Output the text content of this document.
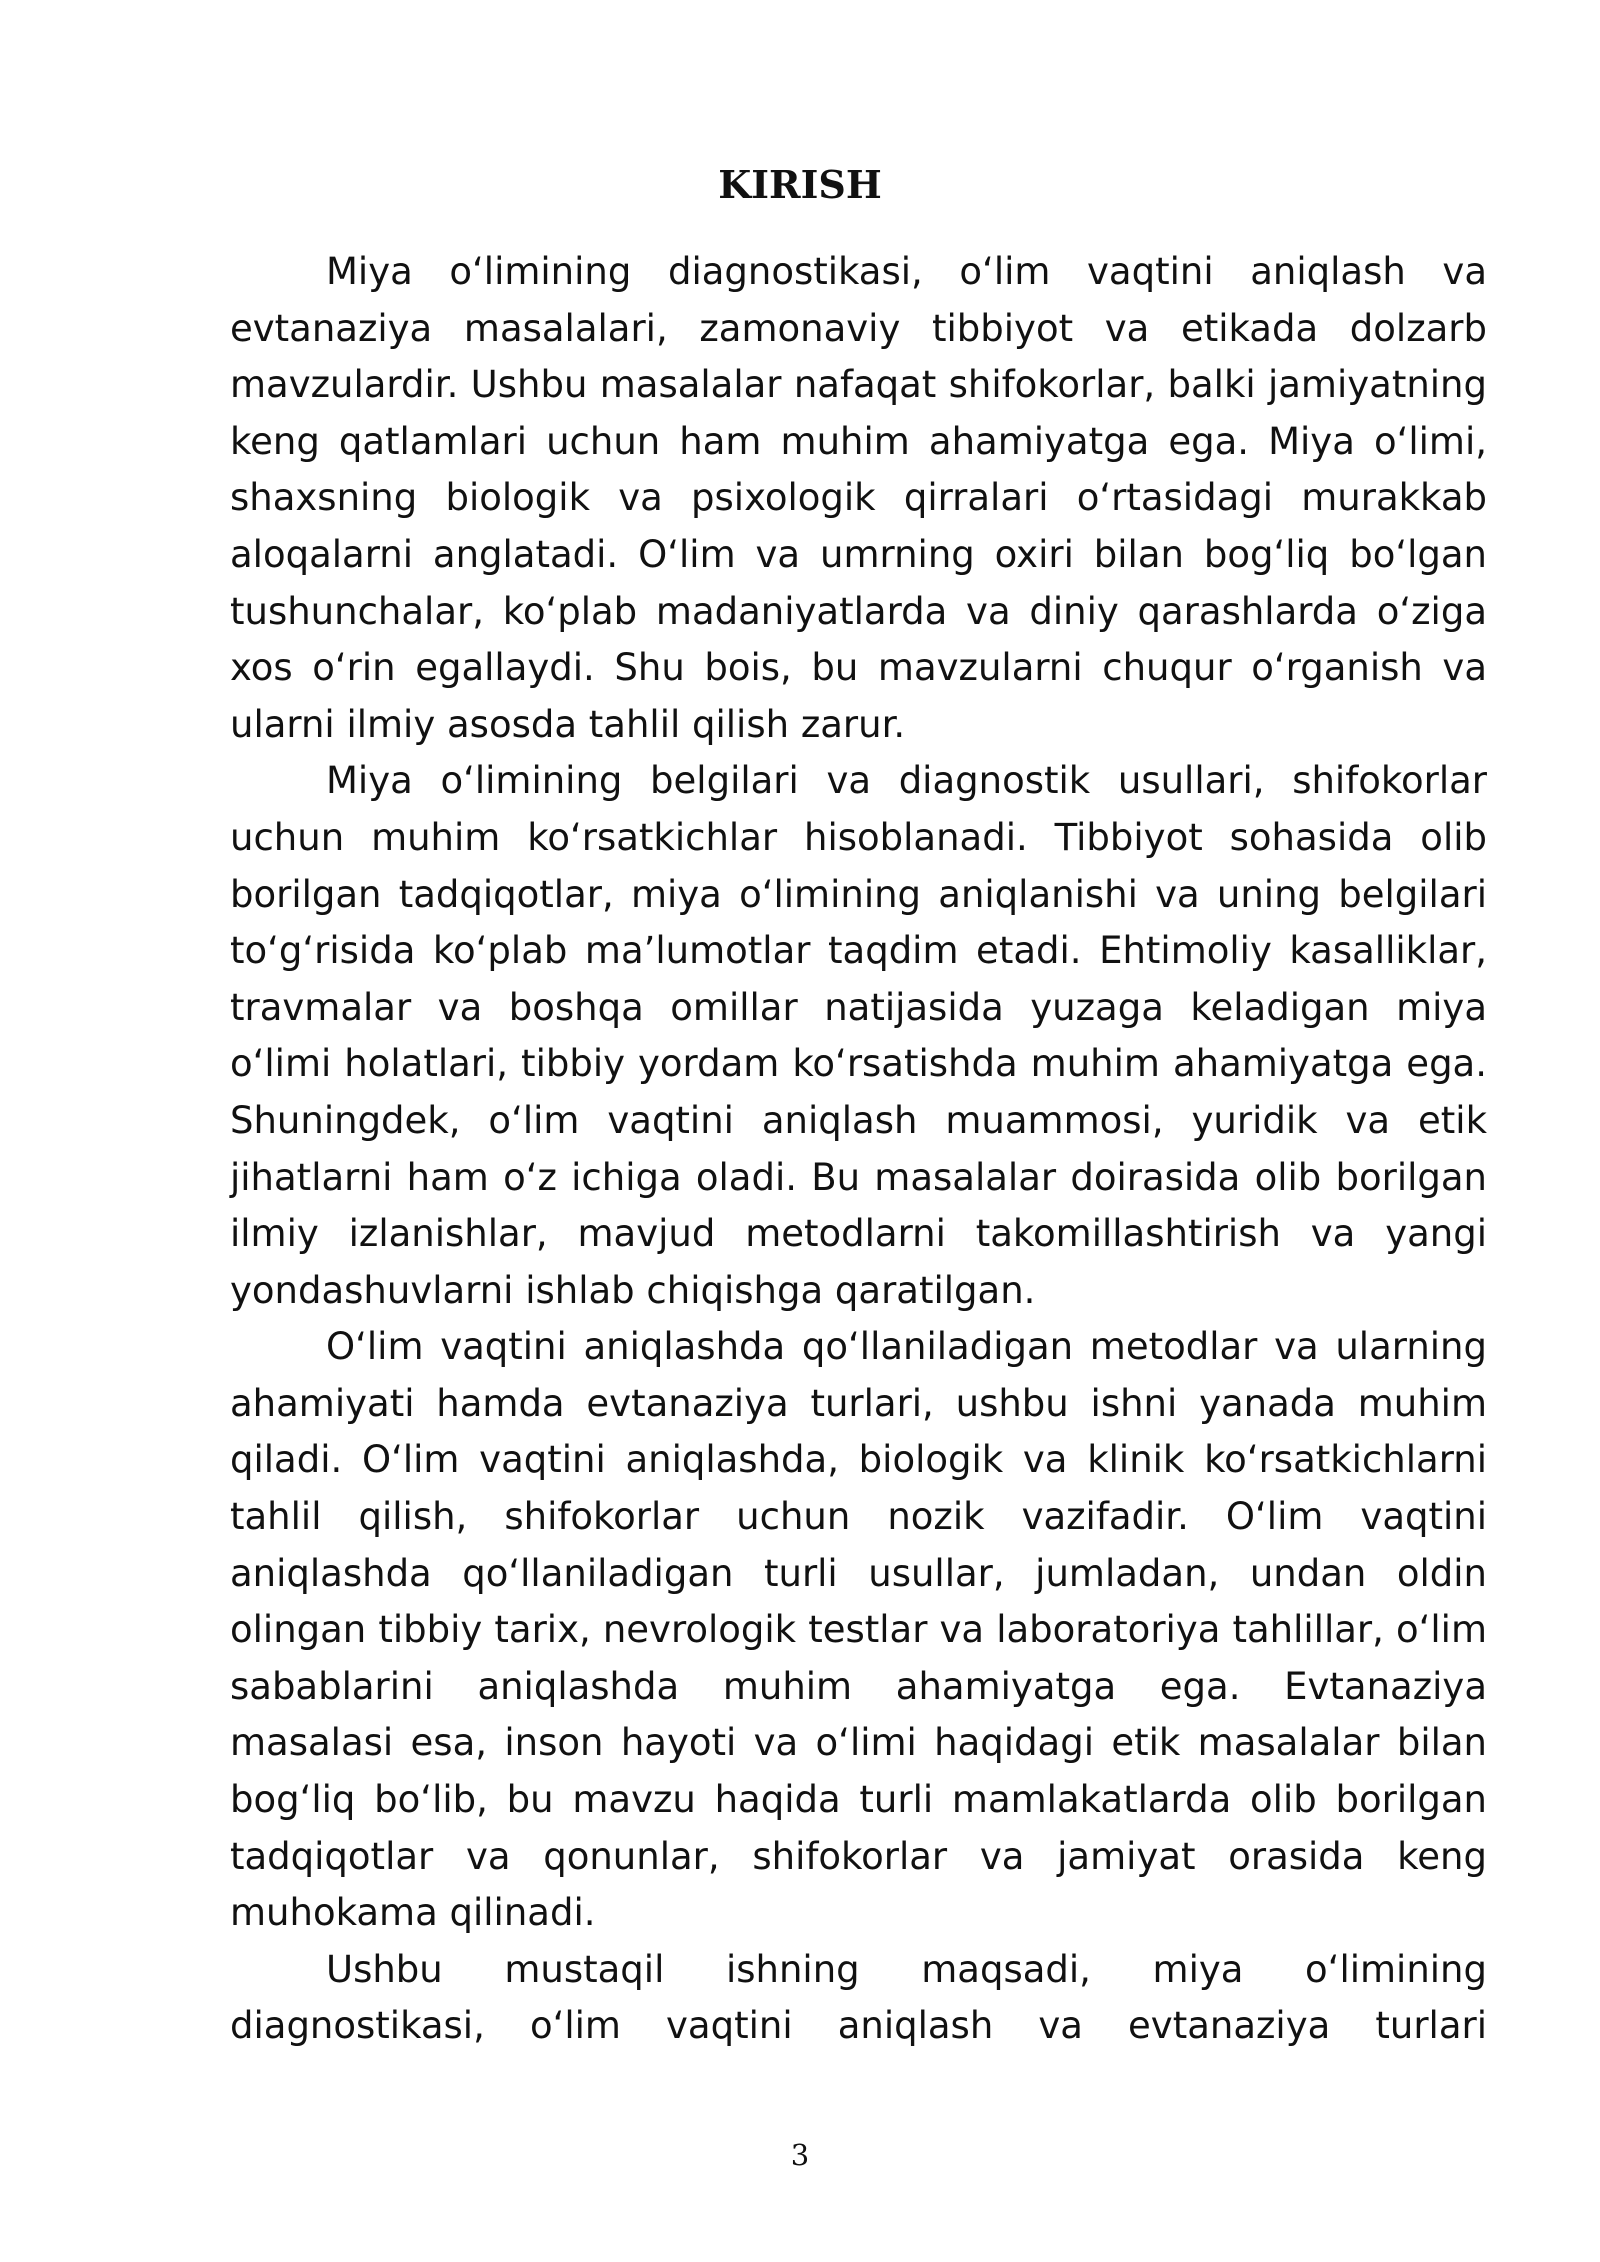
KIRISH

Miya oʻlimining diagnostikasi, oʻlim vaqtini aniqlash va evtanaziya masalalari, zamonaviy tibbiyot va etikada dolzarb mavzulardir. Ushbu masalalar nafaqat shifokorlar, balki jamiyatning keng qatlamlari uchun ham muhim ahamiyatga ega. Miya oʻlimi, shaxsning biologik va psixologik qirralari oʻrtasidagi murakkab aloqalarni anglatadi. Oʻlim va umrning oxiri bilan bogʻliq boʻlgan tushunchalar, koʻplab madaniyatlarda va diniy qarashlarda oʻziga xos oʻrin egallaydi. Shu bois, bu mavzularni chuqur oʻrganish va ularni ilmiy asosda tahlil qilish zarur.

Miya oʻlimining belgilari va diagnostik usullari, shifokorlar uchun muhim koʻrsatkichlar hisoblanadi. Tibbiyot sohasida olib borilgan tadqiqotlar, miya oʻlimining aniqlanishi va uning belgilari toʻgʻrisida koʻplab maʼlumotlar taqdim etadi. Ehtimoliy kasalliklar, travmalar va boshqa omillar natijasida yuzaga keladigan miya oʻlimi holatlari, tibbiy yordam koʻrsatishda muhim ahamiyatga ega. Shuningdek, oʻlim vaqtini aniqlash muammosi, yuridik va etik jihatlarni ham oʻz ichiga oladi. Bu masalalar doirasida olib borilgan ilmiy izlanishlar, mavjud metodlarni takomillashtirish va yangi yondashuvlarni ishlab chiqishga qaratilgan.

Oʻlim vaqtini aniqlashda qoʻllaniladigan metodlar va ularning ahamiyati hamda evtanaziya turlari, ushbu ishni yanada muhim qiladi. Oʻlim vaqtini aniqlashda, biologik va klinik koʻrsatkichlarni tahlil qilish, shifokorlar uchun nozik vazifadir. Oʻlim vaqtini aniqlashda qoʻllaniladigan turli usullar, jumladan, undan oldin olingan tibbiy tarix, nevrologik testlar va laboratoriya tahlillar, oʻlim sabablarini aniqlashda muhim ahamiyatga ega. Evtanaziya masalasi esa, inson hayoti va oʻlimi haqidagi etik masalalar bilan bogʻliq boʻlib, bu mavzu haqida turli mamlakatlarda olib borilgan tadqiqotlar va qonunlar, shifokorlar va jamiyat orasida keng muhokama qilinadi.

Ushbu mustaqil ishning maqsadi, miya oʻlimining diagnostikasi, oʻlim vaqtini aniqlash va evtanaziya turlari

3
